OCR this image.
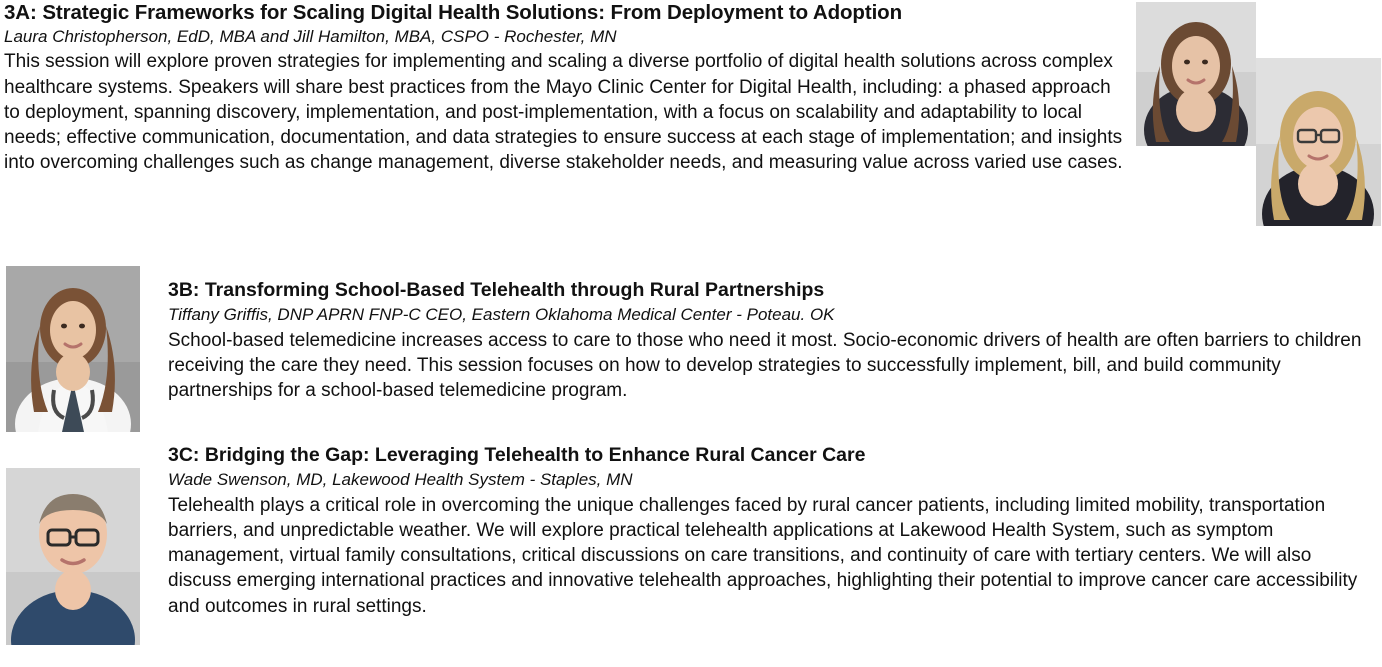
3A: Strategic Frameworks for Scaling Digital Health Solutions: From Deployment to Adoption

Laura Christopherson, EdD, MBA and Jill Hamilton, MBA, CSPO - Rochester, MN

This session will explore proven strategies for implementing and scaling a diverse portfolio of digital health solutions across complex healthcare systems. Speakers will share best practices from the Mayo Clinic Center for Digital Health, including: a phased approach to deployment, spanning discovery, implementation, and post-implementation, with a focus on scalability and adaptability to local needs; effective communication, documentation, and data strategies to ensure success at each stage of implementation; and insights into overcoming challenges such as change management, diverse stakeholder needs, and measuring value across varied use cases.

3B: Transforming School-Based Telehealth through Rural Partnerships

Tiffany Griffis, DNP APRN FNP-C CEO, Eastern Oklahoma Medical Center - Poteau. OK

School-based telemedicine increases access to care to those who need it most. Socio-economic drivers of health are often barriers to children receiving the care they need. This session focuses on how to develop strategies to successfully implement, bill, and build community partnerships for a school-based telemedicine program.

3C: Bridging the Gap: Leveraging Telehealth to Enhance Rural Cancer Care

Wade Swenson, MD, Lakewood Health System - Staples, MN

Telehealth plays a critical role in overcoming the unique challenges faced by rural cancer patients, including limited mobility, transportation barriers, and unpredictable weather. We will explore practical telehealth applications at Lakewood Health System, such as symptom management, virtual family consultations, critical discussions on care transitions, and continuity of care with tertiary centers. We will also discuss emerging international practices and innovative telehealth approaches, highlighting their potential to improve cancer care accessibility and outcomes in rural settings.
